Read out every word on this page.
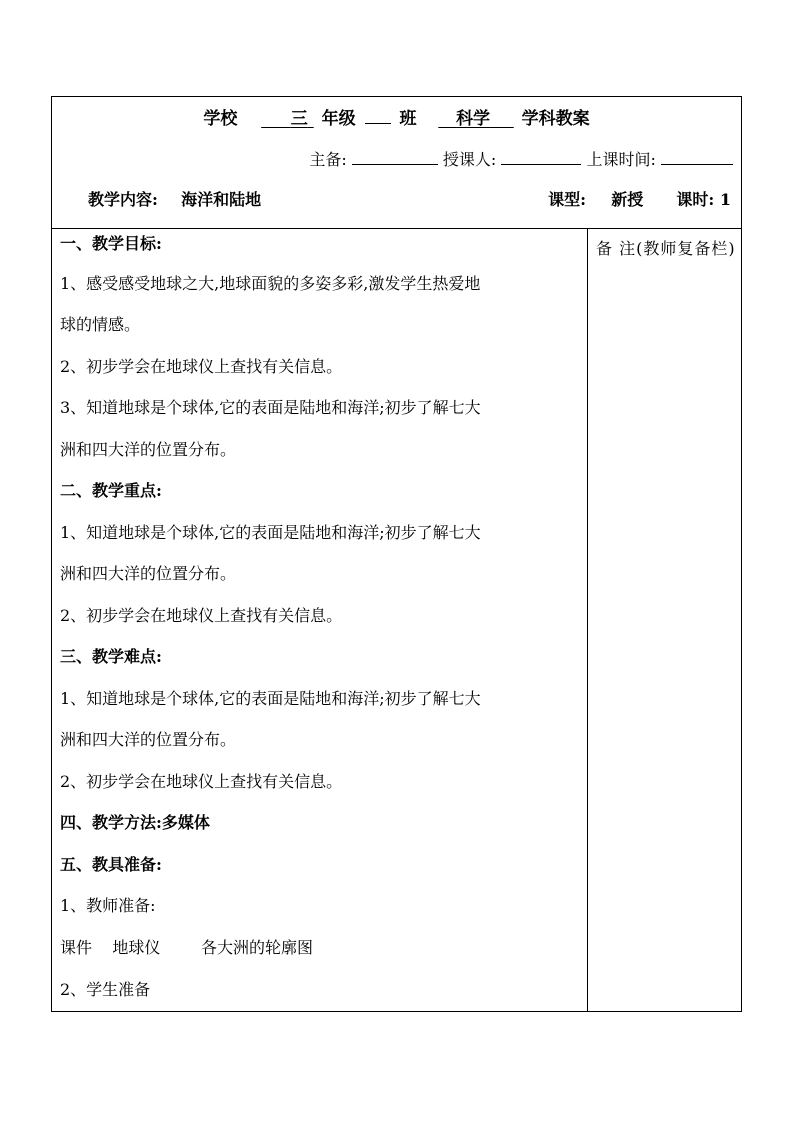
学校	三 年级	班 科学 学科教案
主备:	授课人:	上课时间:
教学内容: 海洋和陆地	课型: 新授 课时: 1
一、教学目标:
1、感受感受地球之大,地球面貌的多姿多彩,激发学生热爱地
球的情感。
2、初步学会在地球仪上查找有关信息。
3、知道地球是个球体,它的表面是陆地和海洋;初步了解七大
洲和四大洋的位置分布。
二、教学重点:
1、知道地球是个球体,它的表面是陆地和海洋;初步了解七大
洲和四大洋的位置分布。
2、初步学会在地球仪上查找有关信息。
三、教学难点:
1、知道地球是个球体,它的表面是陆地和海洋;初步了解七大
洲和四大洋的位置分布。
2、初步学会在地球仪上查找有关信息。
四、教学方法:多媒体
五、教具准备:
1、教师准备:
课件    地球仪        各大洲的轮廓图
2、学生准备
备 注(教师复备栏)
